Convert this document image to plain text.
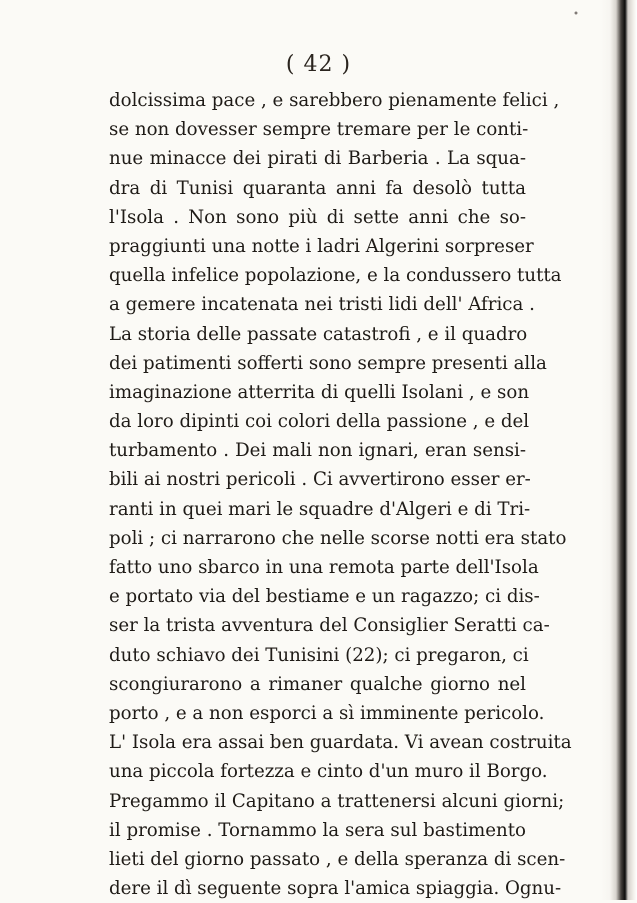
( 42 )
dolcissima pace , e sarebbero pienamente felici ,
se non dovesser sempre tremare per le conti-
nue minacce dei pirati di Barberia . La squa-
dra di Tunisi quaranta anni fa desolò tutta
l'Isola . Non sono più di sette anni che so-
praggiunti una notte i ladri Algerini sorpreser
quella infelice popolazione, e la condussero tutta
a gemere incatenata nei tristi lidi dell' Africa .
La storia delle passate catastrofi , e il quadro
dei patimenti sofferti sono sempre presenti alla
imaginazione atterrita di quelli Isolani , e son
da loro dipinti coi colori della passione , e del
turbamento . Dei mali non ignari, eran sensi-
bili ai nostri pericoli . Ci avvertirono esser er-
ranti in quei mari le squadre d'Algeri e di Tri-
poli ; ci narrarono che nelle scorse notti era stato
fatto uno sbarco in una remota parte dell'Isola
e portato via del bestiame e un ragazzo; ci dis-
ser la trista avventura del Consiglier Seratti ca-
duto schiavo dei Tunisini (22); ci pregaron, ci
scongiurarono a rimaner qualche giorno nel
porto , e a non esporci a sì imminente pericolo.
L' Isola era assai ben guardata. Vi avean costruita
una piccola fortezza e cinto d'un muro il Borgo.
Pregammo il Capitano a trattenersi alcuni giorni;
il promise . Tornammo la sera sul bastimento
lieti del giorno passato , e della speranza di scen-
dere il dì seguente sopra l'amica spiaggia. Ognu-
